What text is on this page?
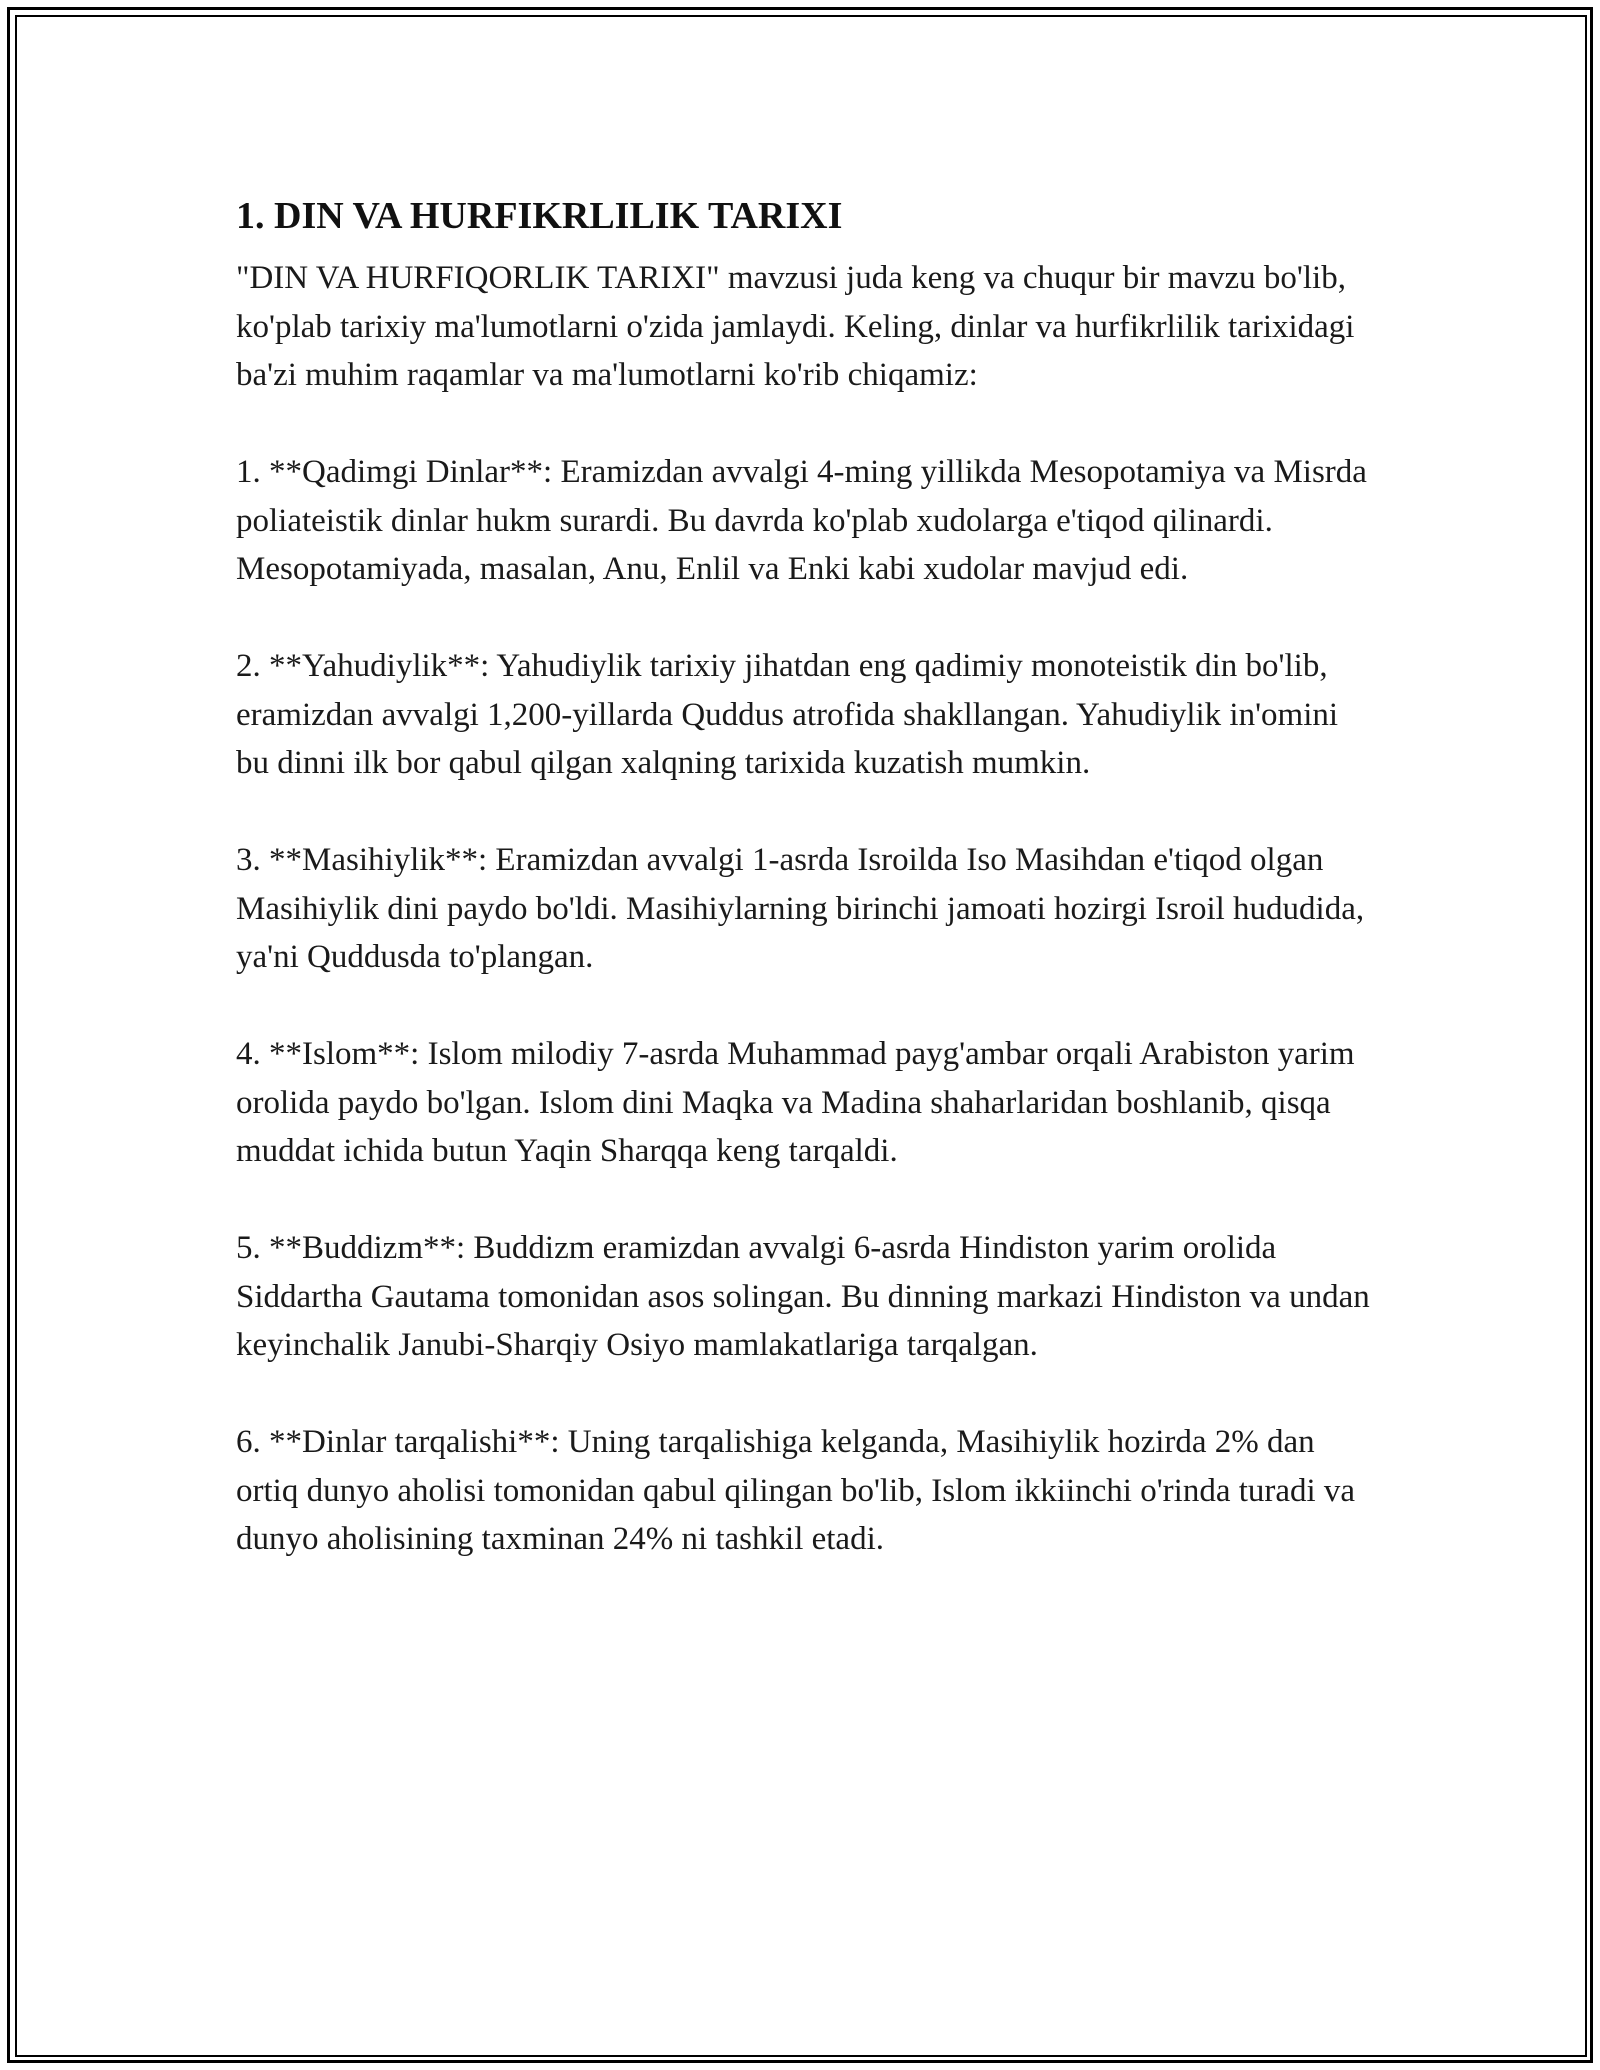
1. DIN VA HURFIKRLILIK TARIXI

"DIN VA HURFIQORLIK TARIXI" mavzusi juda keng va chuqur bir mavzu bo'lib, ko'plab tarixiy ma'lumotlarni o'zida jamlaydi. Keling, dinlar va hurfikrlilik tarixidagi ba'zi muhim raqamlar va ma'lumotlarni ko'rib chiqamiz:

1. **Qadimgi Dinlar**: Eramizdan avvalgi 4-ming yillikda Mesopotamiya va Misrda poliateistik dinlar hukm surardi. Bu davrda ko'plab xudolarga e'tiqod qilinardi. Mesopotamiyada, masalan, Anu, Enlil va Enki kabi xudolar mavjud edi.

2. **Yahudiylik**: Yahudiylik tarixiy jihatdan eng qadimiy monoteistik din bo'lib, eramizdan avvalgi 1,200-yillarda Quddus atrofida shakllangan. Yahudiylik in'omini bu dinni ilk bor qabul qilgan xalqning tarixida kuzatish mumkin.

3. **Masihiylik**: Eramizdan avvalgi 1-asrda Isroilda Iso Masihdan e'tiqod olgan Masihiylik dini paydo bo'ldi. Masihiylarning birinchi jamoati hozirgi Isroil hududida, ya'ni Quddusda to'plangan.

4. **Islom**: Islom milodiy 7-asrda Muhammad payg'ambar orqali Arabiston yarim orolida paydo bo'lgan. Islom dini Maqka va Madina shaharlaridan boshlanib, qisqa muddat ichida butun Yaqin Sharqqa keng tarqaldi.

5. **Buddizm**: Buddizm eramizdan avvalgi 6-asrda Hindiston yarim orolida Siddartha Gautama tomonidan asos solingan. Bu dinning markazi Hindiston va undan keyinchalik Janubi-Sharqiy Osiyo mamlakatlariga tarqalgan.

6. **Dinlar tarqalishi**: Uning tarqalishiga kelganda, Masihiylik hozirda 2% dan ortiq dunyo aholisi tomonidan qabul qilingan bo'lib, Islom ikkiinchi o'rinda turadi va dunyo aholisining taxminan 24% ni tashkil etadi.
